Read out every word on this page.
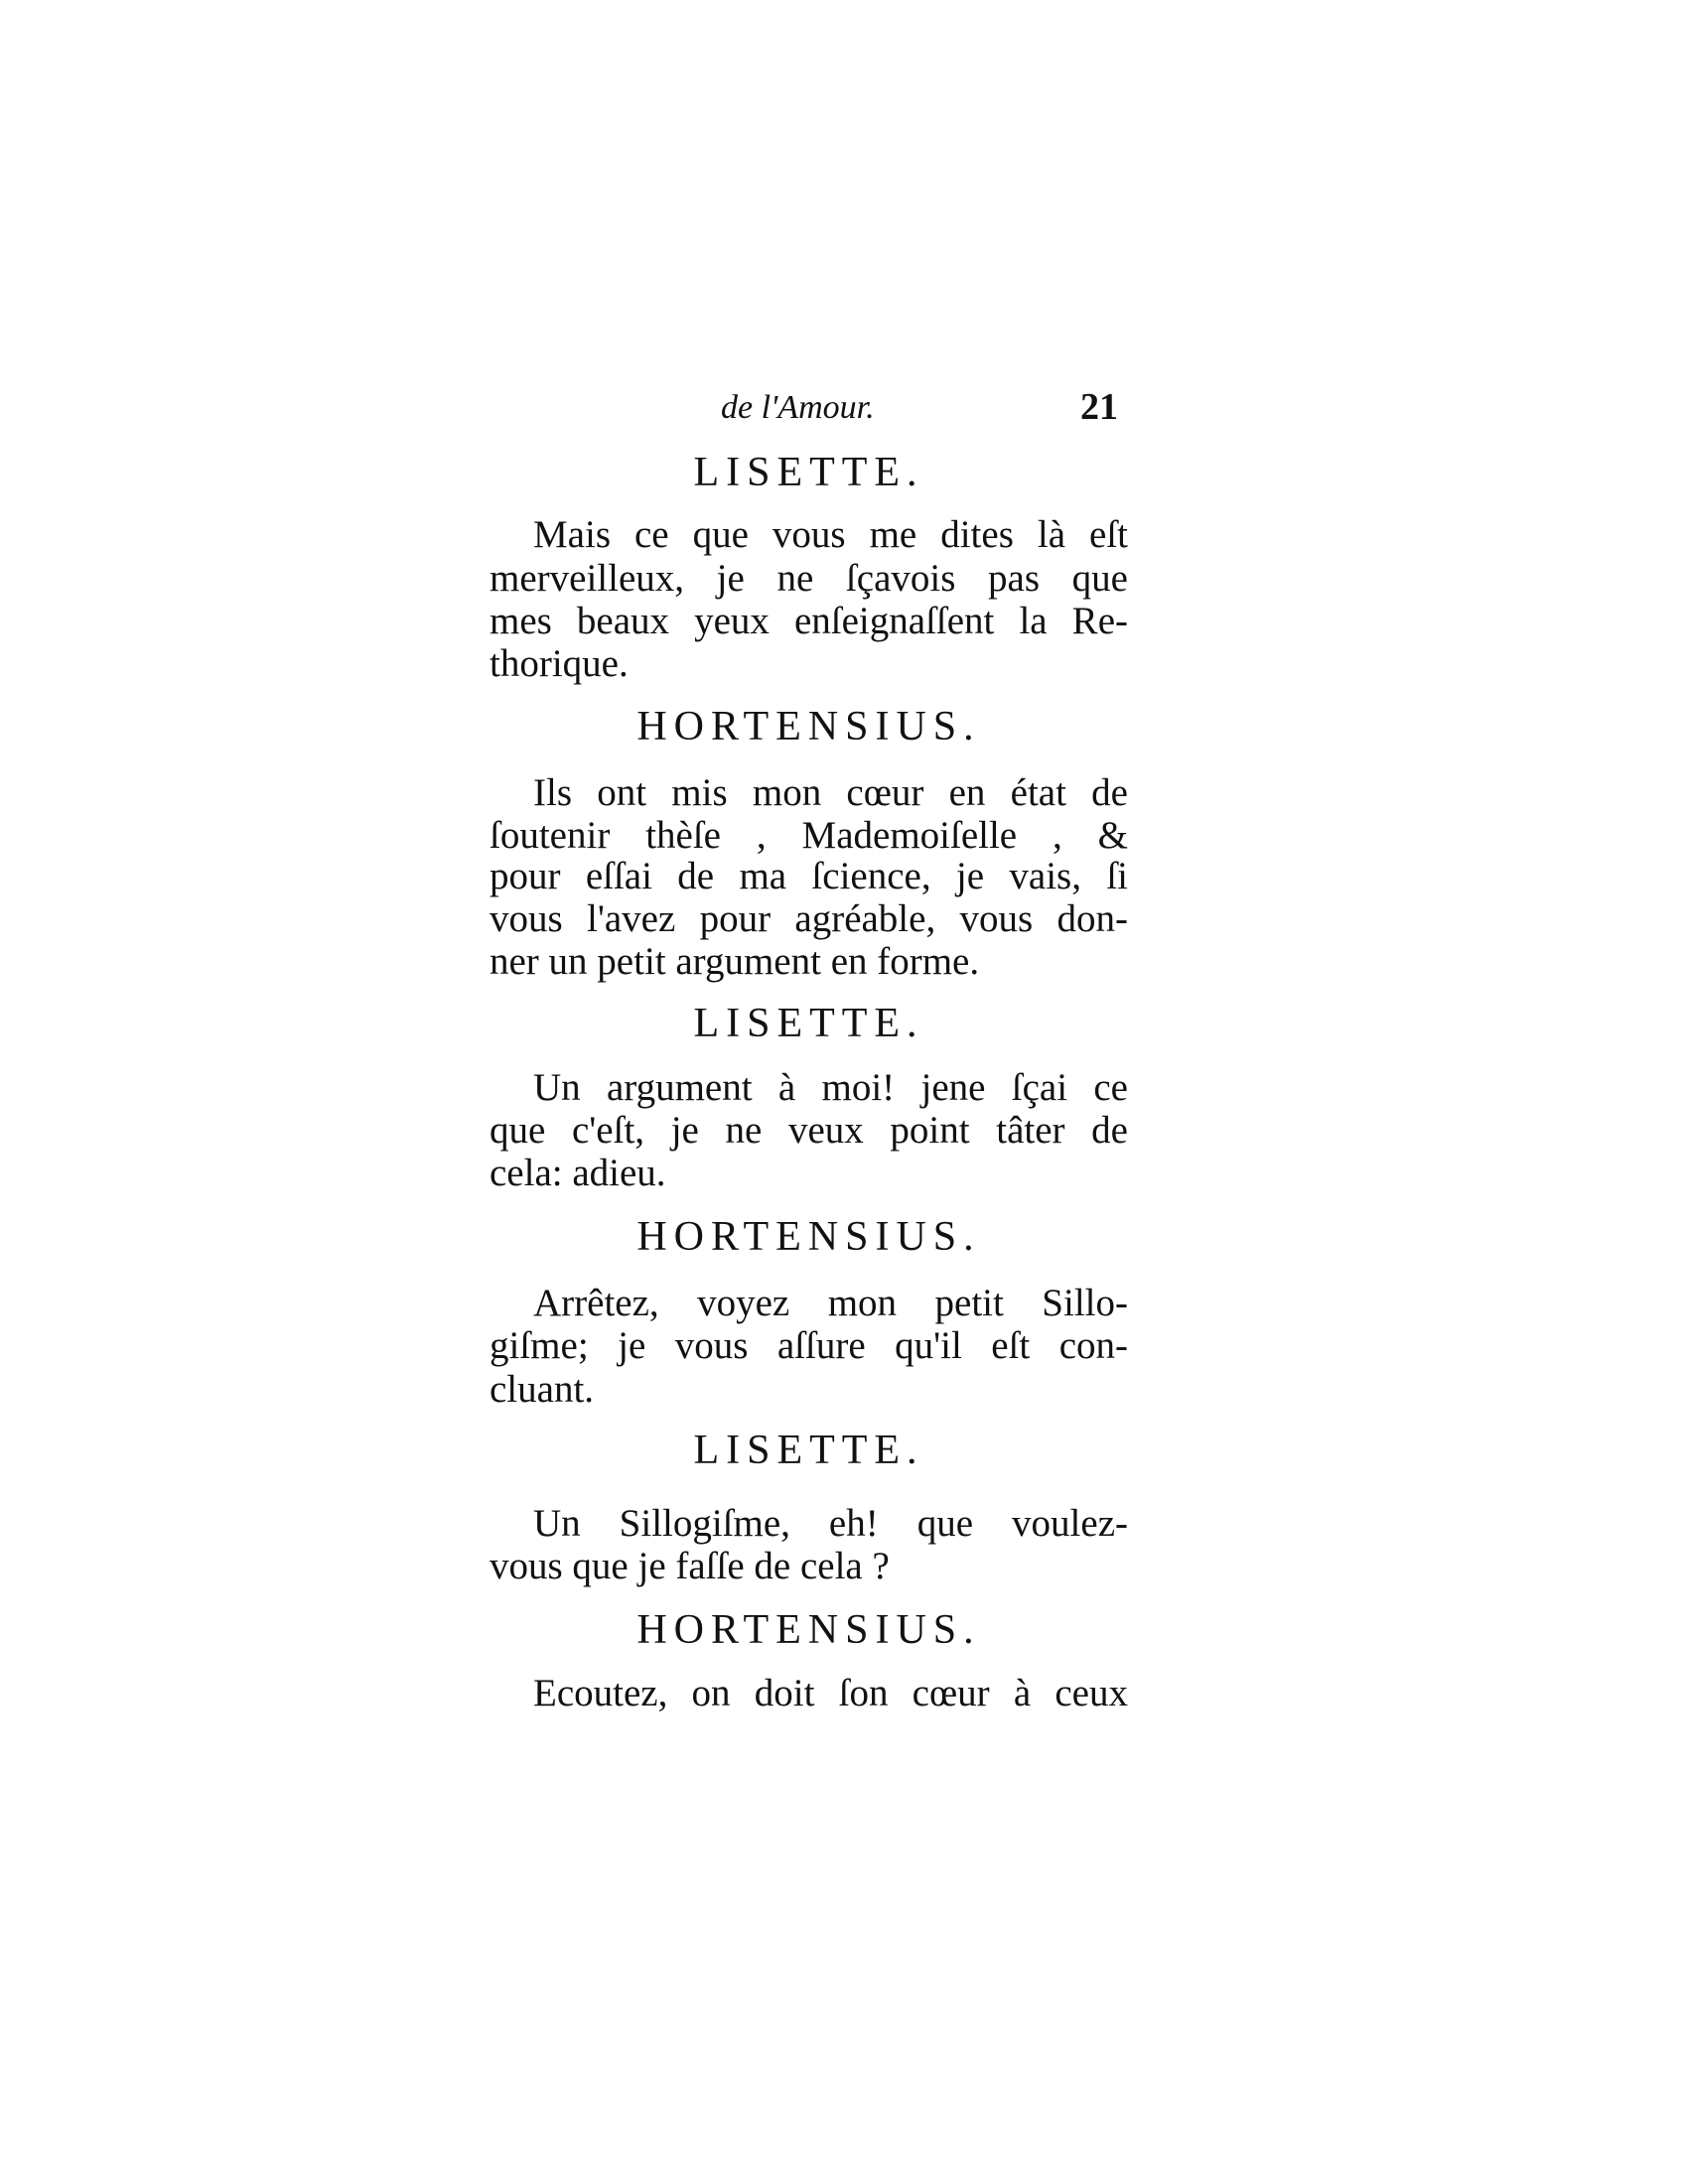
de l'Amour.	21
LISETTE.
Mais ce que vous me dites là eſt
merveilleux, je ne ſçavois pas que
mes beaux yeux enſeignaſſent la Re-
thorique.
HORTENSIUS.
Ils ont mis mon cœur en état de
ſoutenir thèſe , Mademoiſelle , &
pour eſſai de ma ſcience, je vais, ſi
vous l'avez pour agréable, vous don-
ner un petit argument en forme.
LISETTE.
Un argument à moi! jene ſçai ce
que c'eſt, je ne veux point tâter de
cela: adieu.
HORTENSIUS.
Arrêtez, voyez mon petit Sillo-
giſme; je vous aſſure qu'il eſt con-
cluant.
LISETTE.
Un Sillogiſme, eh! que voulez-
vous que je faſſe de cela ?
HORTENSIUS.
Ecoutez, on doit ſon cœur à ceux
